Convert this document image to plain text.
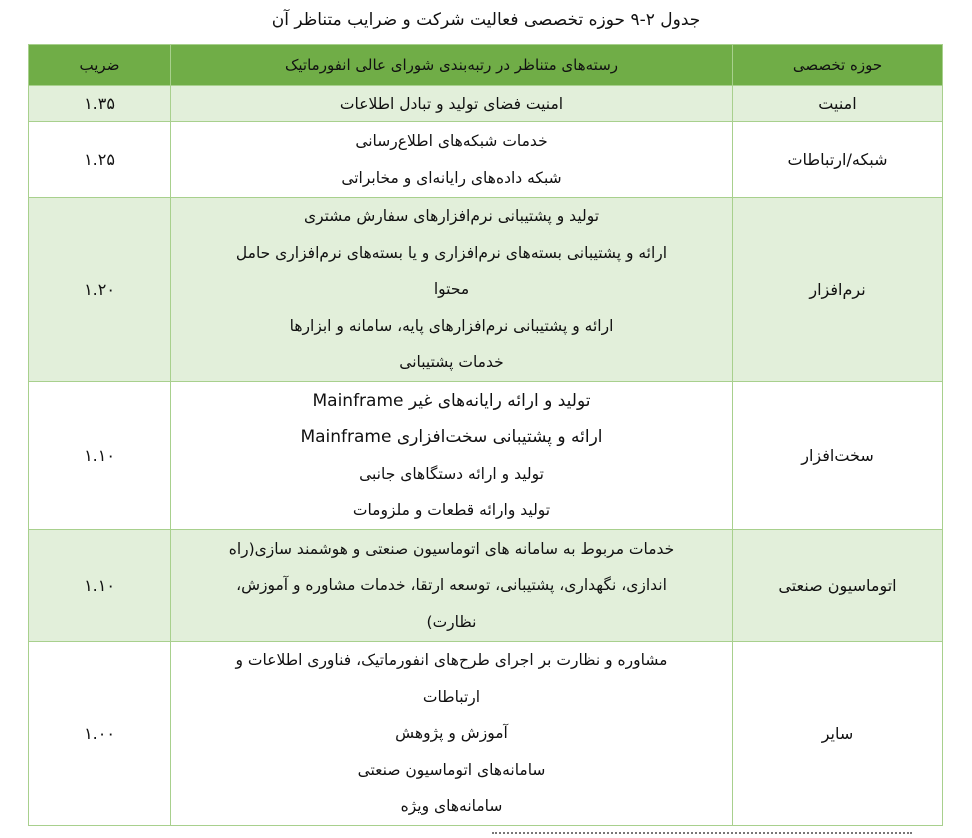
جدول ۲-۹ حوزه تخصصی فعالیت شرکت و ضرایب متناظر آن
حوزه تخصصی	رسته‌های متناظر در رتبه‌بندی شورای عالی انفورماتیک	ضریب
امنیت	امنیت فضای تولید و تبادل اطلاعات	۱.۳۵
شبکه/ارتباطات	خدمات شبکه‌های اطلاع‌رسانی
شبکه داده‌های رایانه‌ای و مخابراتی	۱.۲۵
نرم‌افزار	تولید و پشتیبانی نرم‌افزارهای سفارش مشتری
ارائه و پشتیبانی بسته‌های نرم‌افزاری و یا بسته‌های نرم‌افزاری حامل
محتوا
ارائه و پشتیبانی نرم‌افزارهای پایه، سامانه و ابزارها
خدمات پشتیبانی	۱.۲۰
سخت‌افزار	تولید و ارائه رایانه‌های غیر Mainframe
ارائه و پشتیبانی سخت‌افزاری Mainframe
تولید و ارائه دستگاهای جانبی
تولید وارائه قطعات و ملزومات	۱.۱۰
اتوماسیون صنعتی	خدمات مربوط به سامانه های اتوماسیون صنعتی و هوشمند سازی(راه
اندازی، نگهداری، پشتیبانی، توسعه ارتقا، خدمات مشاوره و آموزش،
نظارت)	۱.۱۰
سایر	مشاوره و نظارت بر اجرای طرح‌های انفورماتیک، فناوری اطلاعات و
ارتباطات
آموزش و پژوهش
سامانه‌های اتوماسیون صنعتی
سامانه‌های ویژه	۱.۰۰
